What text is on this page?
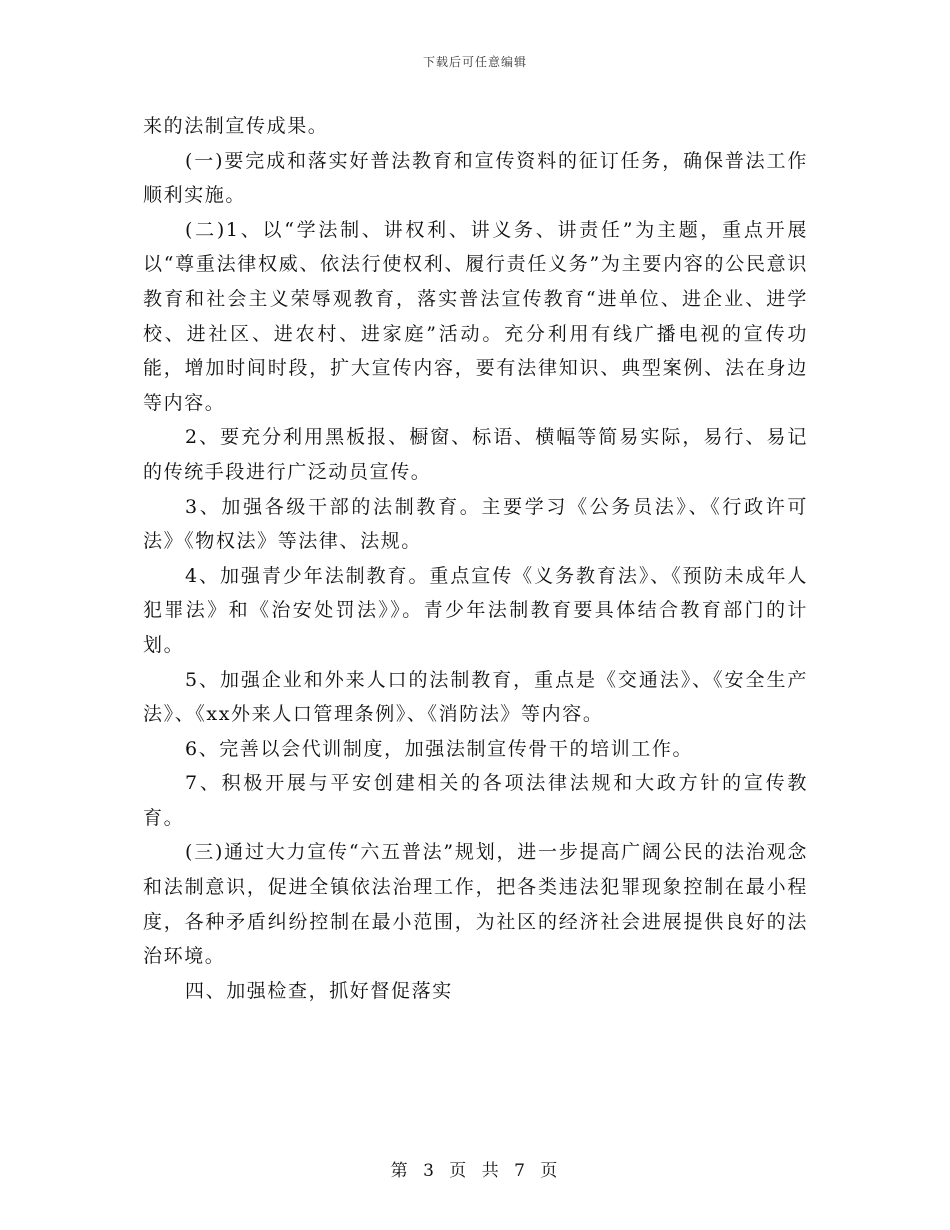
下载后可任意编辑

来的法制宣传成果。

(一)要完成和落实好普法教育和宣传资料的征订任务，确保普法工作顺利实施。

(二)1、以“学法制、讲权利、讲义务、讲责任”为主题，重点开展以“尊重法律权威、依法行使权利、履行责任义务”为主要内容的公民意识教育和社会主义荣辱观教育，落实普法宣传教育“进单位、进企业、进学校、进社区、进农村、进家庭”活动。充分利用有线广播电视的宣传功能，增加时间时段，扩大宣传内容，要有法律知识、典型案例、法在身边等内容。

2、要充分利用黑板报、橱窗、标语、横幅等简易实际，易行、易记的传统手段进行广泛动员宣传。

3、加强各级干部的法制教育。主要学习《公务员法》、《行政许可法》《物权法》等法律、法规。

4、加强青少年法制教育。重点宣传《义务教育法》、《预防未成年人犯罪法》和《治安处罚法》》。青少年法制教育要具体结合教育部门的计划。

5、加强企业和外来人口的法制教育，重点是《交通法》、《安全生产法》、《xx外来人口管理条例》、《消防法》等内容。

6、完善以会代训制度，加强法制宣传骨干的培训工作。

7、积极开展与平安创建相关的各项法律法规和大政方针的宣传教育。

(三)通过大力宣传“六五普法”规划，进一步提高广阔公民的法治观念和法制意识，促进全镇依法治理工作，把各类违法犯罪现象控制在最小程度，各种矛盾纠纷控制在最小范围，为社区的经济社会进展提供良好的法治环境。

四、加强检查，抓好督促落实

第 3 页 共 7 页
